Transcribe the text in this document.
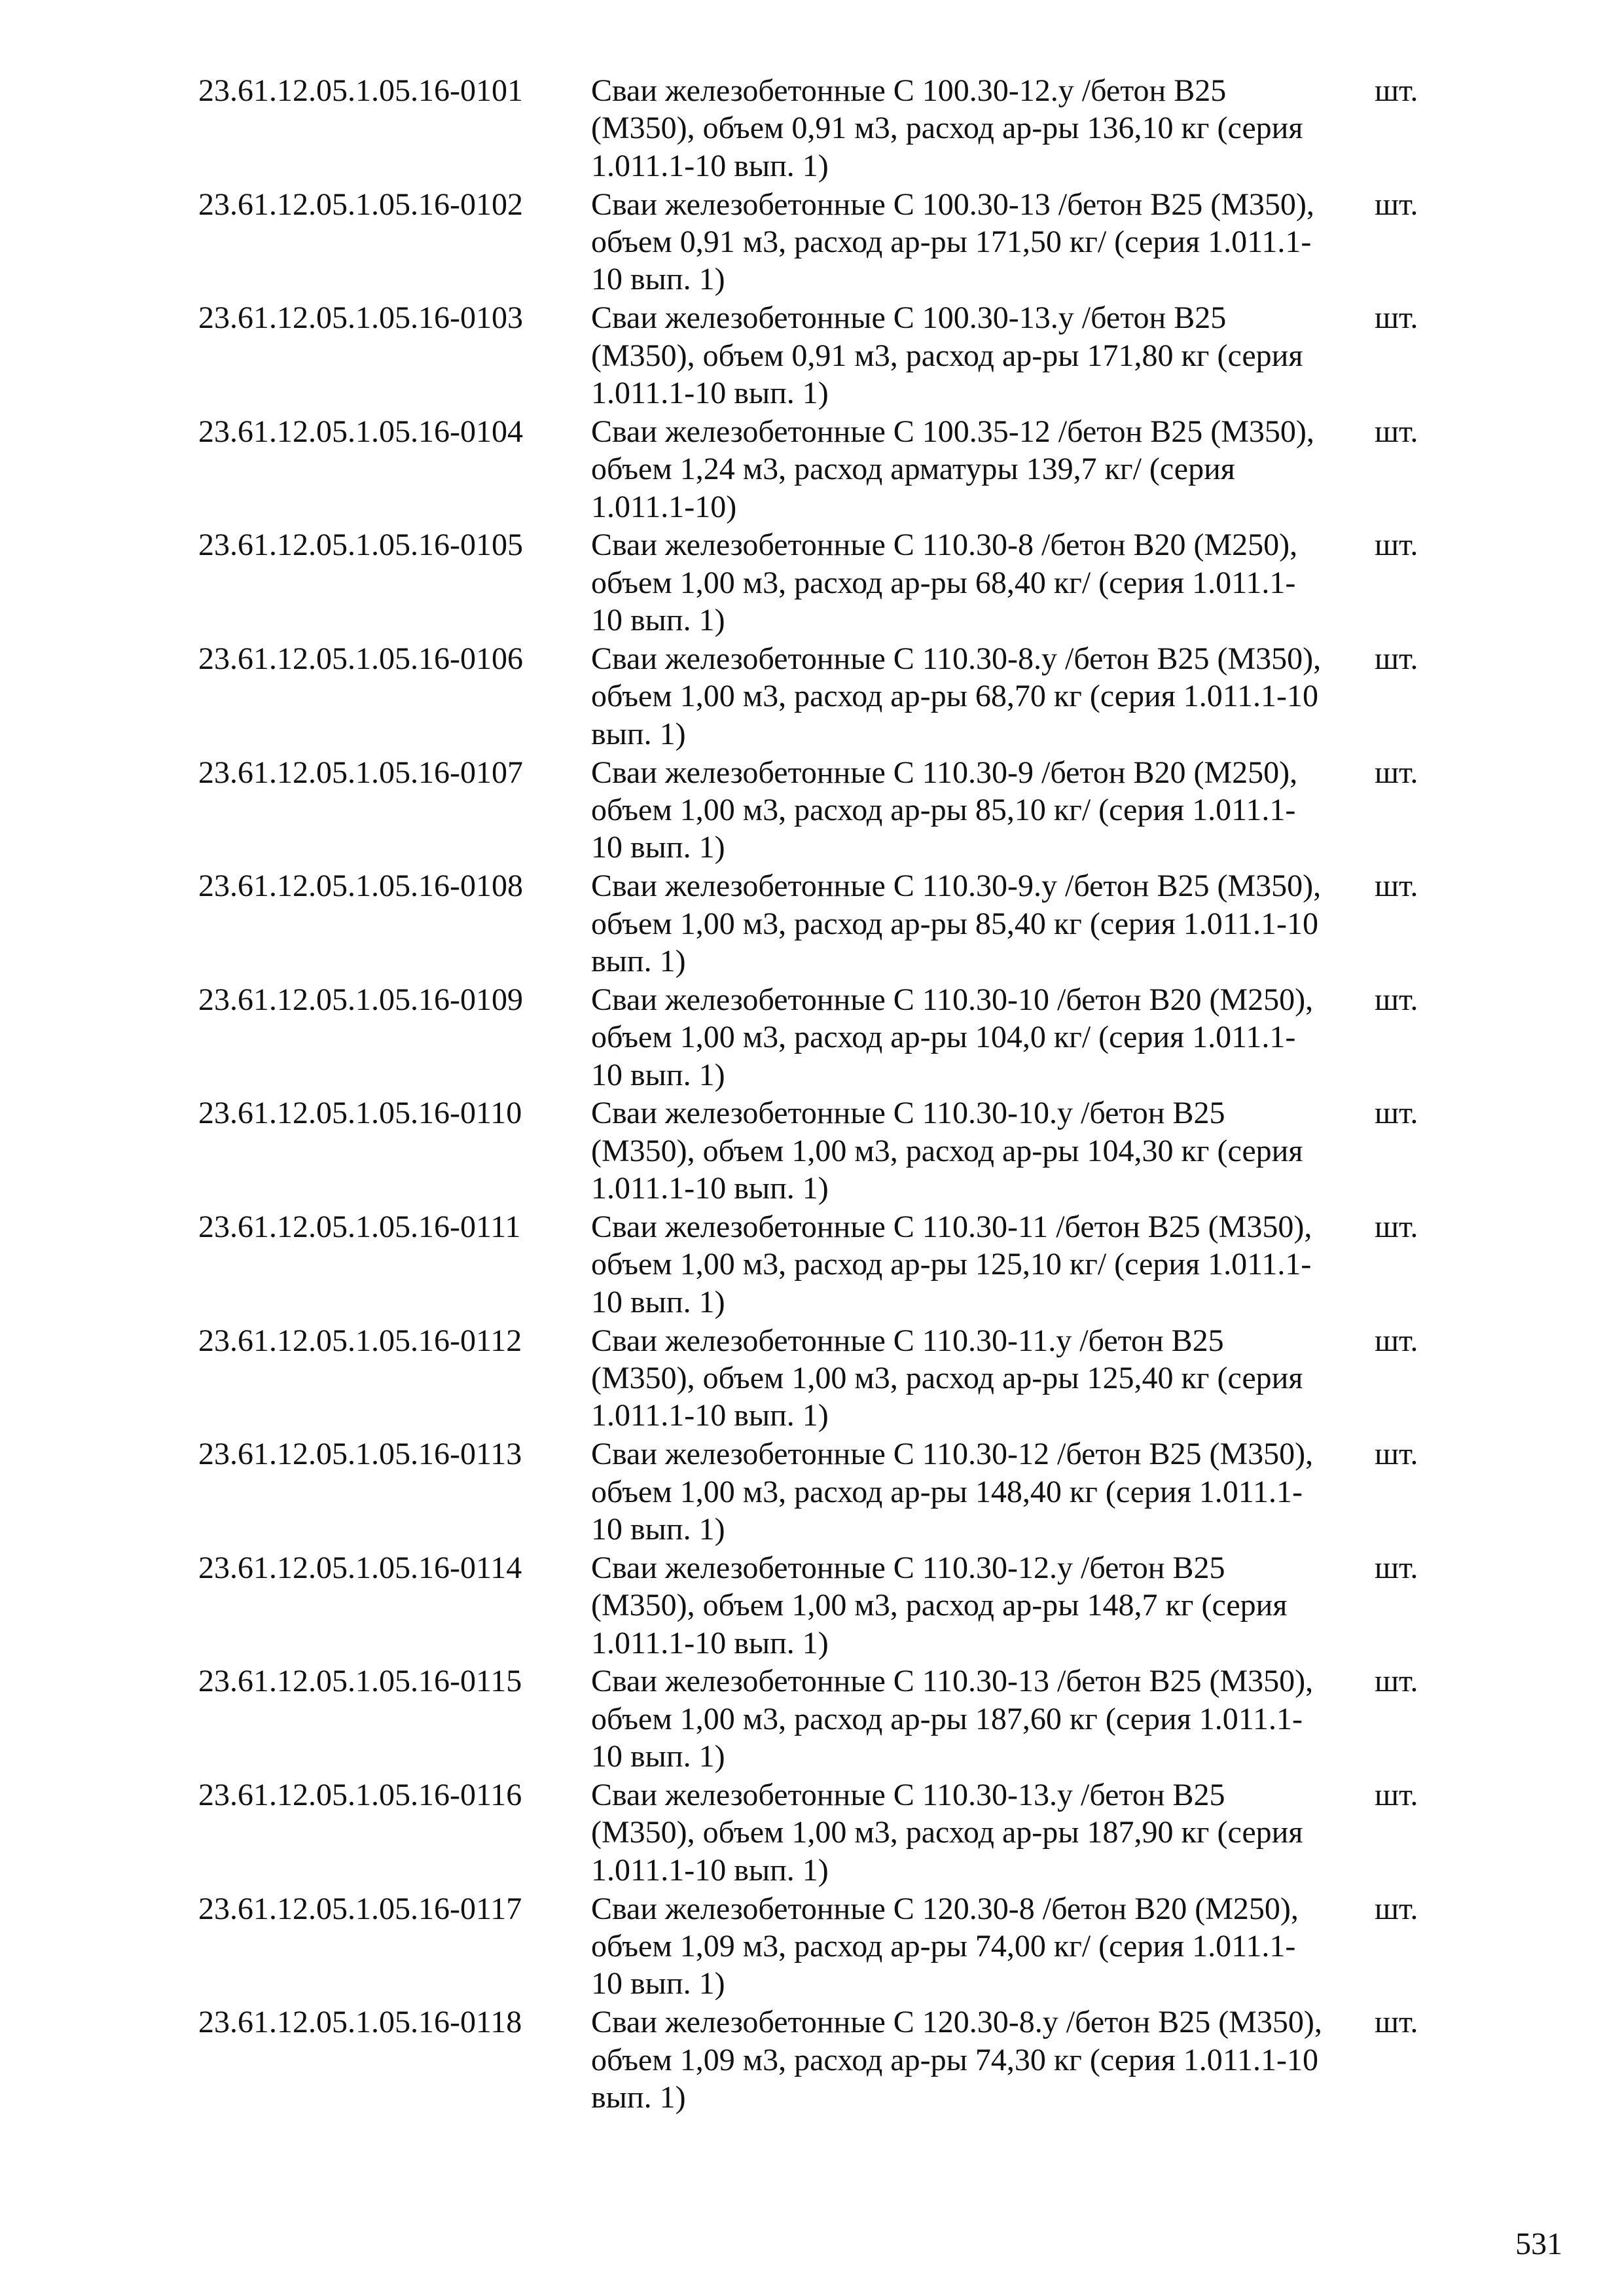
23.61.12.05.1.05.16-0101 Сваи железобетонные С 100.30-12.у /бетон В25
(М350), объем 0,91 м3, расход ар-ры 136,10 кг (серия
1.011.1-10 вып. 1)
шт.
23.61.12.05.1.05.16-0102 Сваи железобетонные С 100.30-13 /бетон В25 (М350),
объем 0,91 м3, расход ар-ры 171,50 кг/ (серия 1.011.1-
10 вып. 1)
шт.
23.61.12.05.1.05.16-0103 Сваи железобетонные С 100.30-13.у /бетон В25
(М350), объем 0,91 м3, расход ар-ры 171,80 кг (серия
1.011.1-10 вып. 1)
шт.
23.61.12.05.1.05.16-0104 Сваи железобетонные С 100.35-12 /бетон В25 (М350),
объем 1,24 м3, расход арматуры 139,7 кг/ (серия
1.011.1-10)
шт.
23.61.12.05.1.05.16-0105 Сваи железобетонные С 110.30-8 /бетон В20 (М250),
объем 1,00 м3, расход ар-ры 68,40 кг/ (серия 1.011.1-
10 вып. 1)
шт.
23.61.12.05.1.05.16-0106 Сваи железобетонные С 110.30-8.у /бетон В25 (М350),
объем 1,00 м3, расход ар-ры 68,70 кг (серия 1.011.1-10
вып. 1)
шт.
23.61.12.05.1.05.16-0107 Сваи железобетонные С 110.30-9 /бетон В20 (М250),
объем 1,00 м3, расход ар-ры 85,10 кг/ (серия 1.011.1-
10 вып. 1)
шт.
23.61.12.05.1.05.16-0108 Сваи железобетонные С 110.30-9.у /бетон В25 (М350),
объем 1,00 м3, расход ар-ры 85,40 кг (серия 1.011.1-10
вып. 1)
шт.
23.61.12.05.1.05.16-0109 Сваи железобетонные С 110.30-10 /бетон В20 (М250),
объем 1,00 м3, расход ар-ры 104,0 кг/ (серия 1.011.1-
10 вып. 1)
шт.
23.61.12.05.1.05.16-0110 Сваи железобетонные С 110.30-10.у /бетон В25
(М350), объем 1,00 м3, расход ар-ры 104,30 кг (серия
1.011.1-10 вып. 1)
шт.
23.61.12.05.1.05.16-0111 Сваи железобетонные С 110.30-11 /бетон В25 (М350),
объем 1,00 м3, расход ар-ры 125,10 кг/ (серия 1.011.1-
10 вып. 1)
шт.
23.61.12.05.1.05.16-0112 Сваи железобетонные С 110.30-11.у /бетон В25
(М350), объем 1,00 м3, расход ар-ры 125,40 кг (серия
1.011.1-10 вып. 1)
шт.
23.61.12.05.1.05.16-0113 Сваи железобетонные С 110.30-12 /бетон В25 (М350),
объем 1,00 м3, расход ар-ры 148,40 кг (серия 1.011.1-
10 вып. 1)
шт.
23.61.12.05.1.05.16-0114 Сваи железобетонные С 110.30-12.у /бетон В25
(М350), объем 1,00 м3, расход ар-ры 148,7 кг (серия
1.011.1-10 вып. 1)
шт.
23.61.12.05.1.05.16-0115 Сваи железобетонные С 110.30-13 /бетон В25 (М350),
объем 1,00 м3, расход ар-ры 187,60 кг (серия 1.011.1-
10 вып. 1)
шт.
23.61.12.05.1.05.16-0116 Сваи железобетонные С 110.30-13.у /бетон В25
(М350), объем 1,00 м3, расход ар-ры 187,90 кг (серия
1.011.1-10 вып. 1)
шт.
23.61.12.05.1.05.16-0117 Сваи железобетонные С 120.30-8 /бетон В20 (М250),
объем 1,09 м3, расход ар-ры 74,00 кг/ (серия 1.011.1-
10 вып. 1)
шт.
23.61.12.05.1.05.16-0118 Сваи железобетонные С 120.30-8.у /бетон В25 (М350),
объем 1,09 м3, расход ар-ры 74,30 кг (серия 1.011.1-10
вып. 1)
шт.
531
